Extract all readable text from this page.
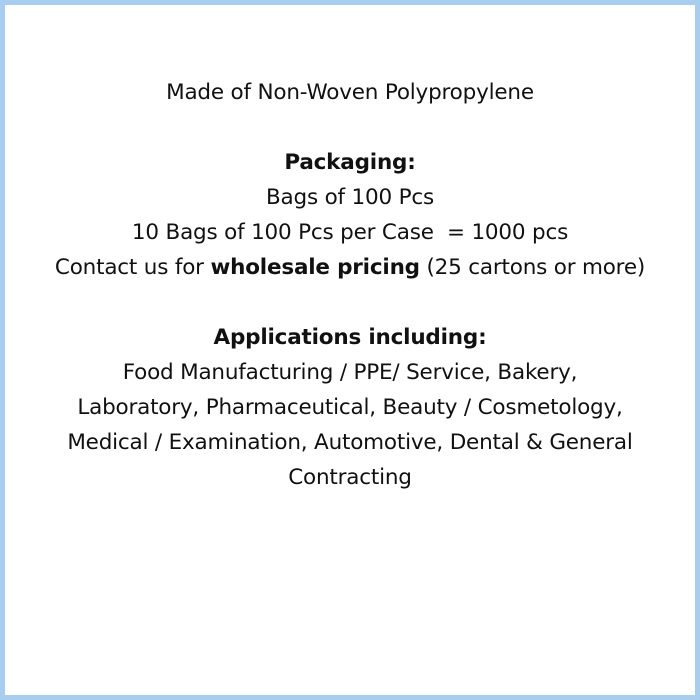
Made of Non-Woven Polypropylene
Packaging:
Bags of 100 Pcs
10 Bags of 100 Pcs per Case  = 1000 pcs
Contact us for wholesale pricing (25 cartons or more)
Applications including:
Food Manufacturing / PPE/ Service, Bakery,
Laboratory, Pharmaceutical, Beauty / Cosmetology,
Medical / Examination, Automotive, Dental & General
Contracting
